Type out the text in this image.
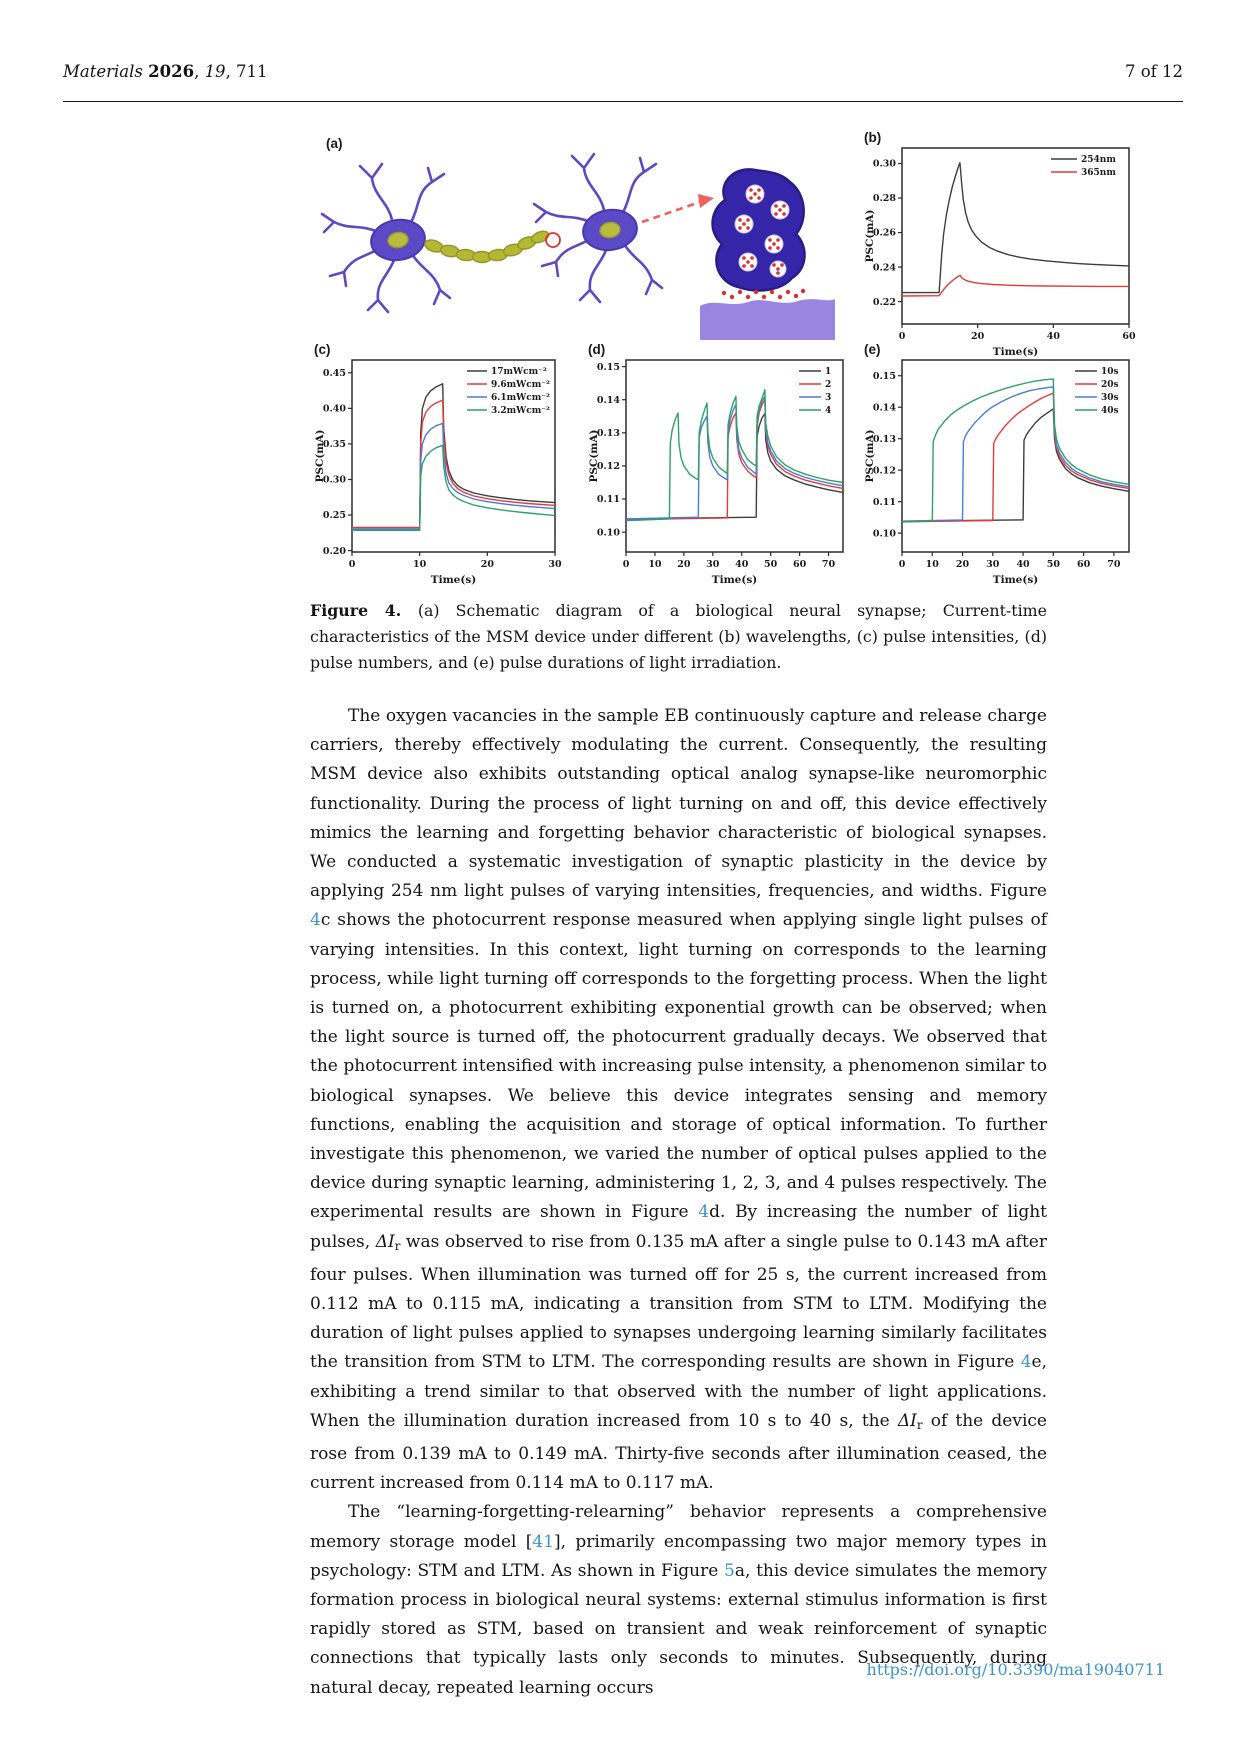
Materials 2026, 19, 711	7 of 12
(a)	(b)
0.22
0.24
0.26
0.28
0.30
0	20	40	60
Time(s)
PSC(mA)
254nm
365nm
(c)
0.20
0.25
0.30
0.35
0.40
0.45
0	10	20	30
Time(s)
PSC(mA)
17mWcm⁻²
9.6mWcm⁻²
6.1mWcm⁻²
3.2mWcm⁻²
(d)
0.10
0.11
0.12
0.13
0.14
0.15
0 10 20 30 40 50 60 70
Time(s)
PSC(mA)
1
2
3
4
(e)
0.10
0.11
0.12
0.13
0.14
0.15
0 10 20 30 40 50 60 70
Time(s)
PSC(mA)
10s
20s
30s
40s

Figure 4. (a) Schematic diagram of a biological neural synapse; Current-time characteristics of the MSM device under different (b) wavelengths, (c) pulse intensities, (d) pulse numbers, and (e) pulse durations of light irradiation.

The oxygen vacancies in the sample EB continuously capture and release charge carriers, thereby effectively modulating the current. Consequently, the resulting MSM device also exhibits outstanding optical analog synapse-like neuromorphic functionality. During the process of light turning on and off, this device effectively mimics the learning and forgetting behavior characteristic of biological synapses. We conducted a systematic investigation of synaptic plasticity in the device by applying 254 nm light pulses of varying intensities, frequencies, and widths. Figure 4c shows the photocurrent response measured when applying single light pulses of varying intensities. In this context, light turning on corresponds to the learning process, while light turning off corresponds to the forgetting process. When the light is turned on, a photocurrent exhibiting exponential growth can be observed; when the light source is turned off, the photocurrent gradually decays. We observed that the photocurrent intensified with increasing pulse intensity, a phenomenon similar to biological synapses. We believe this device integrates sensing and memory functions, enabling the acquisition and storage of optical information. To further investigate this phenomenon, we varied the number of optical pulses applied to the device during synaptic learning, administering 1, 2, 3, and 4 pulses respectively. The experimental results are shown in Figure 4d. By increasing the number of light pulses, ΔIr was observed to rise from 0.135 mA after a single pulse to 0.143 mA after four pulses. When illumination was turned off for 25 s, the current increased from 0.112 mA to 0.115 mA, indicating a transition from STM to LTM. Modifying the duration of light pulses applied to synapses undergoing learning similarly facilitates the transition from STM to LTM. The corresponding results are shown in Figure 4e, exhibiting a trend similar to that observed with the number of light applications. When the illumination duration increased from 10 s to 40 s, the ΔIr of the device rose from 0.139 mA to 0.149 mA. Thirty-five seconds after illumination ceased, the current increased from 0.114 mA to 0.117 mA.

The “learning-forgetting-relearning” behavior represents a comprehensive memory storage model [41], primarily encompassing two major memory types in psychology: STM and LTM. As shown in Figure 5a, this device simulates the memory formation process in biological neural systems: external stimulus information is first rapidly stored as STM, based on transient and weak reinforcement of synaptic connections that typically lasts only seconds to minutes. Subsequently, during natural decay, repeated learning occurs

https://doi.org/10.3390/ma19040711
